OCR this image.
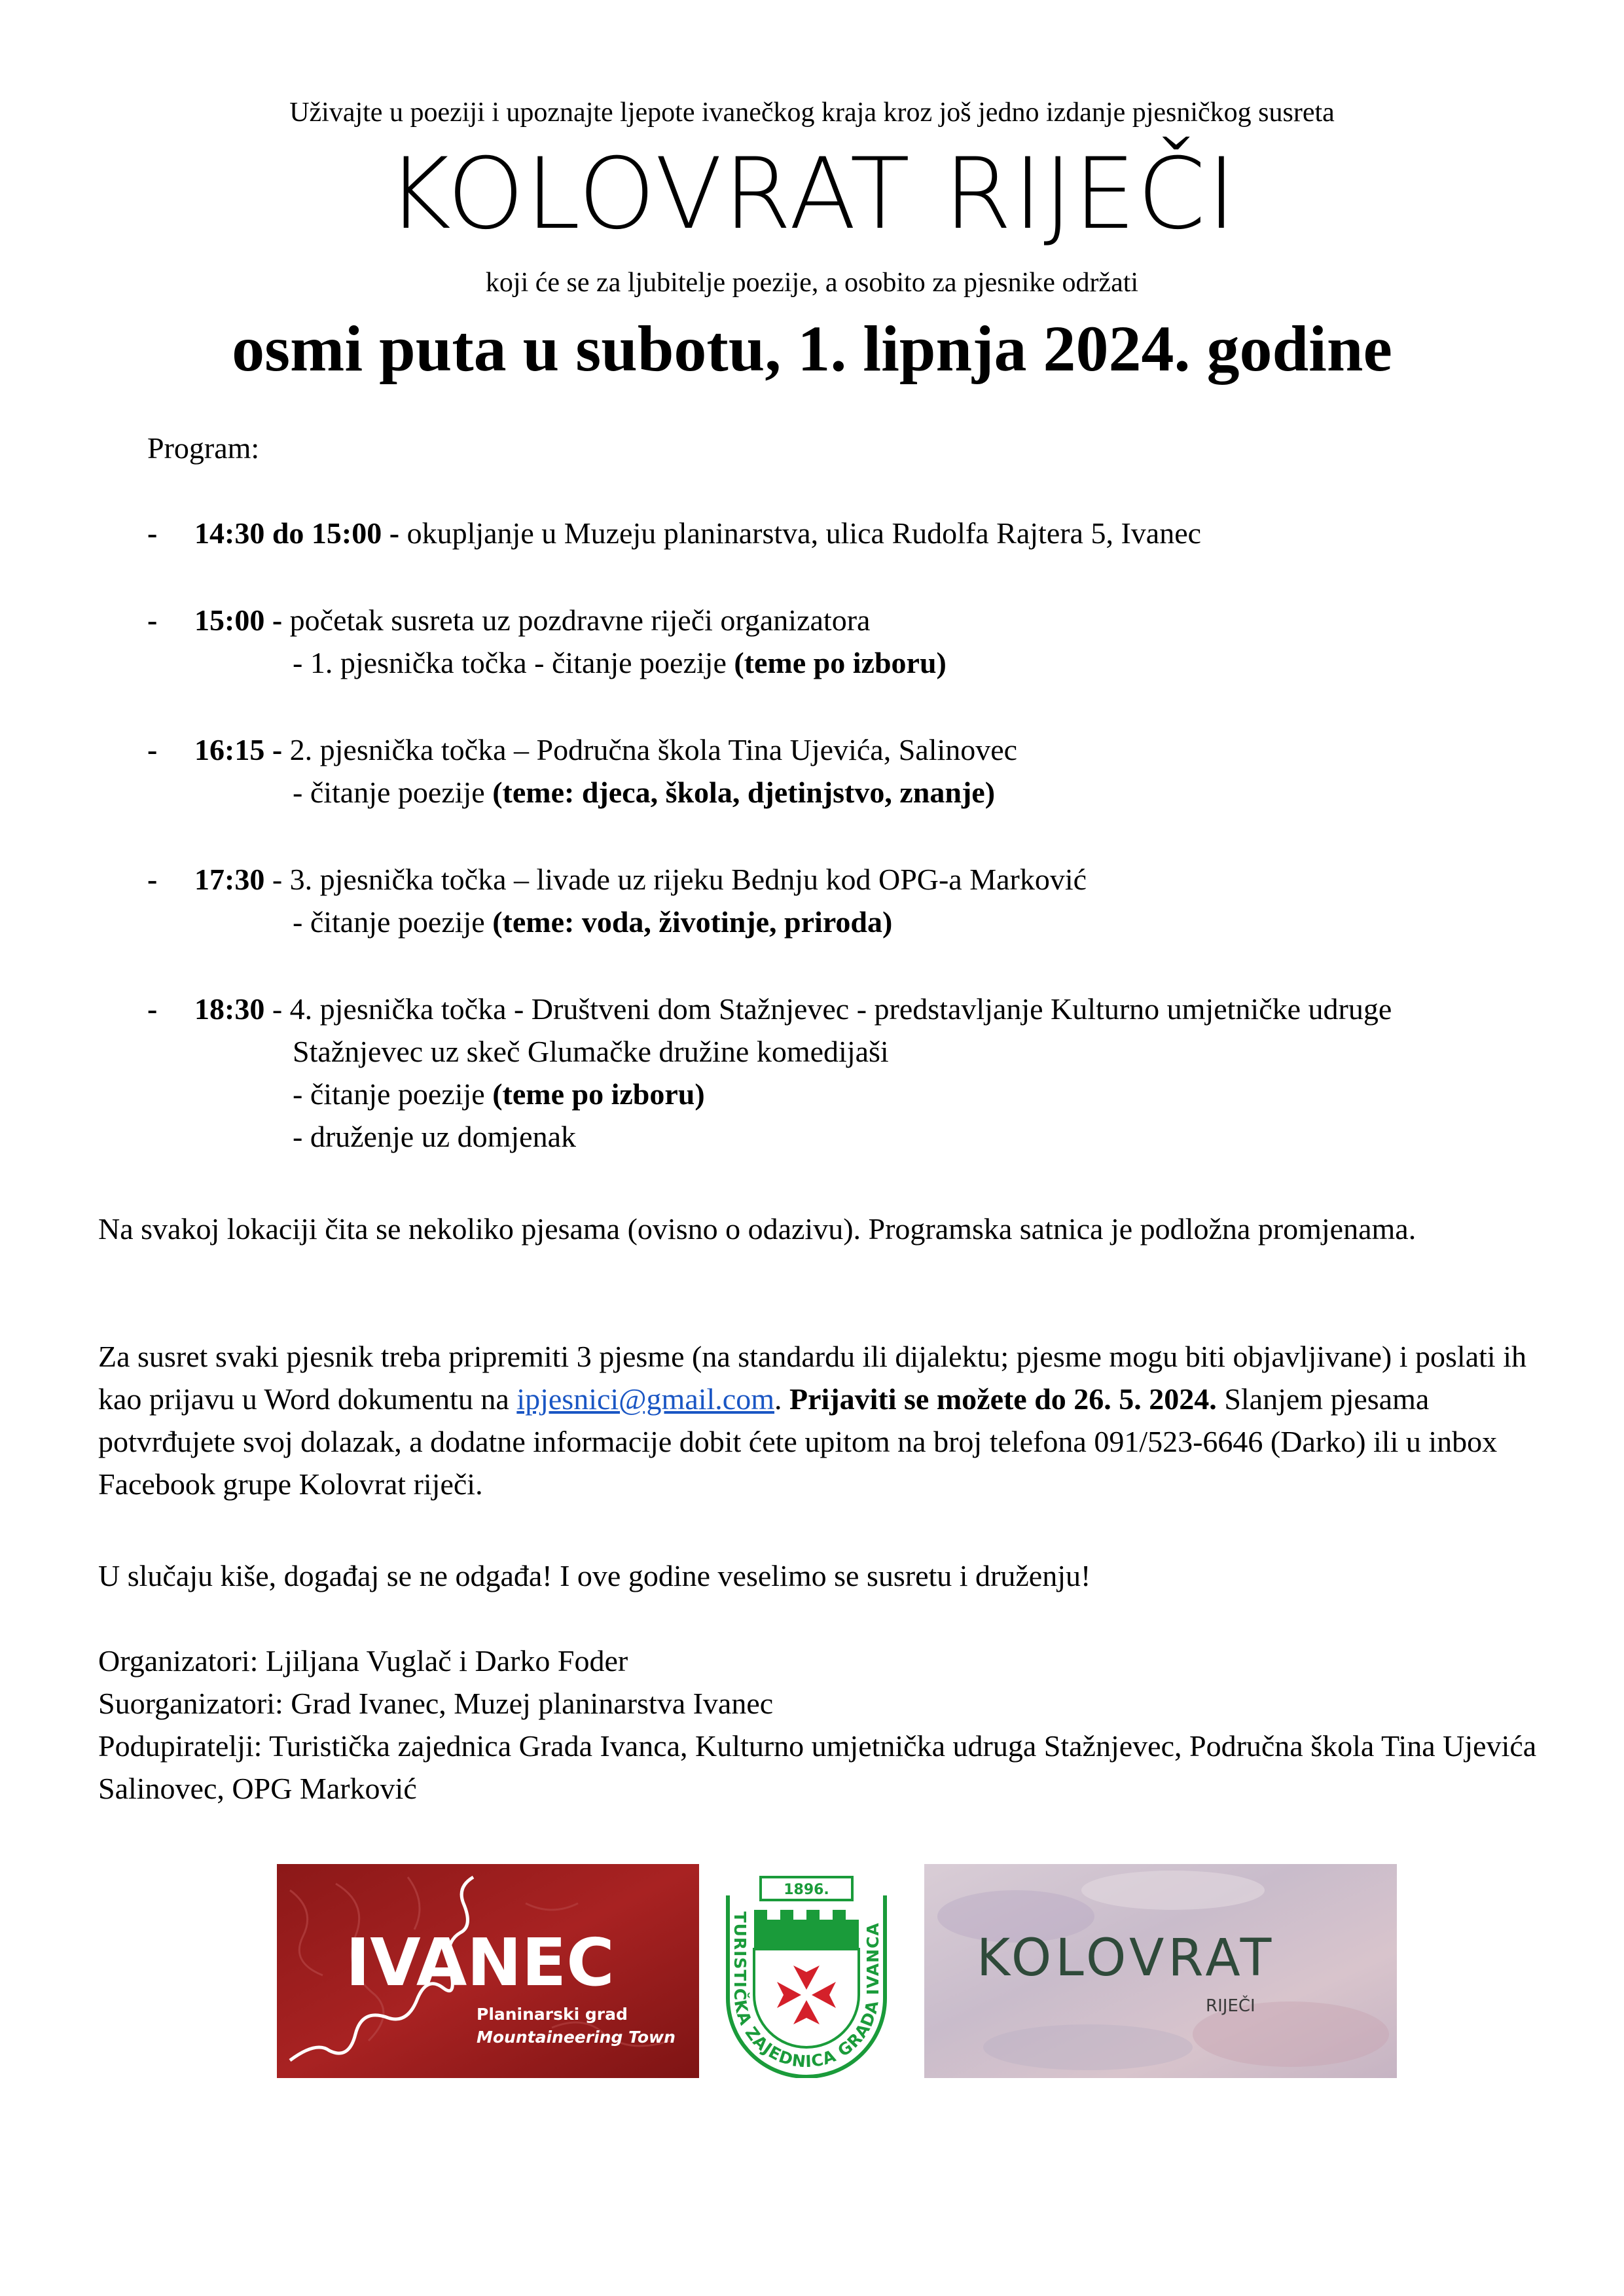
Uživajte u poeziji i upoznajte ljepote ivanečkog kraja kroz još jedno izdanje pjesničkog susreta
KOLOVRAT RIJEČI
koji će se za ljubitelje poezije, a osobito za pjesnike održati
osmi puta u subotu, 1. lipnja 2024. godine
Program:
- 14:30 do 15:00 - okupljanje u Muzeju planinarstva, ulica Rudolfa Rajtera 5, Ivanec
- 15:00 - početak susreta uz pozdravne riječi organizatora
- 1. pjesnička točka - čitanje poezije (teme po izboru)
- 16:15 - 2. pjesnička točka – Područna škola Tina Ujevića, Salinovec
- čitanje poezije (teme: djeca, škola, djetinjstvo, znanje)
- 17:30 - 3. pjesnička točka – livade uz rijeku Bednju kod OPG-a Marković
- čitanje poezije (teme: voda, životinje, priroda)
- 18:30 - 4. pjesnička točka - Društveni dom Stažnjevec - predstavljanje Kulturno umjetničke udruge
Stažnjevec uz skeč Glumačke družine komedijaši
- čitanje poezije (teme po izboru)
- druženje uz domjenak
Na svakoj lokaciji čita se nekoliko pjesama (ovisno o odazivu). Programska satnica je podložna promjenama.
Za susret svaki pjesnik treba pripremiti 3 pjesme (na standardu ili dijalektu; pjesme mogu biti objavljivane) i poslati ih kao prijavu u Word dokumentu na ipjesnici@gmail.com. Prijaviti se možete do 26. 5. 2024. Slanjem pjesama potvrđujete svoj dolazak, a dodatne informacije dobit ćete upitom na broj telefona 091/523-6646 (Darko) ili u inbox Facebook grupe Kolovrat riječi.
U slučaju kiše, događaj se ne odgađa! I ove godine veselimo se susretu i druženju!
Organizatori: Ljiljana Vuglač i Darko Foder
Suorganizatori: Grad Ivanec, Muzej planinarstva Ivanec
Podupiratelji: Turistička zajednica Grada Ivanca, Kulturno umjetnička udruga Stažnjevec, Područna škola Tina Ujevića Salinovec, OPG Marković
IVANEC
Planinarski grad
Mountaineering Town
TURISTIČKA ZAJEDNICA GRADA IVANCA
1896.
KOLOVRAT
RIJEČI
